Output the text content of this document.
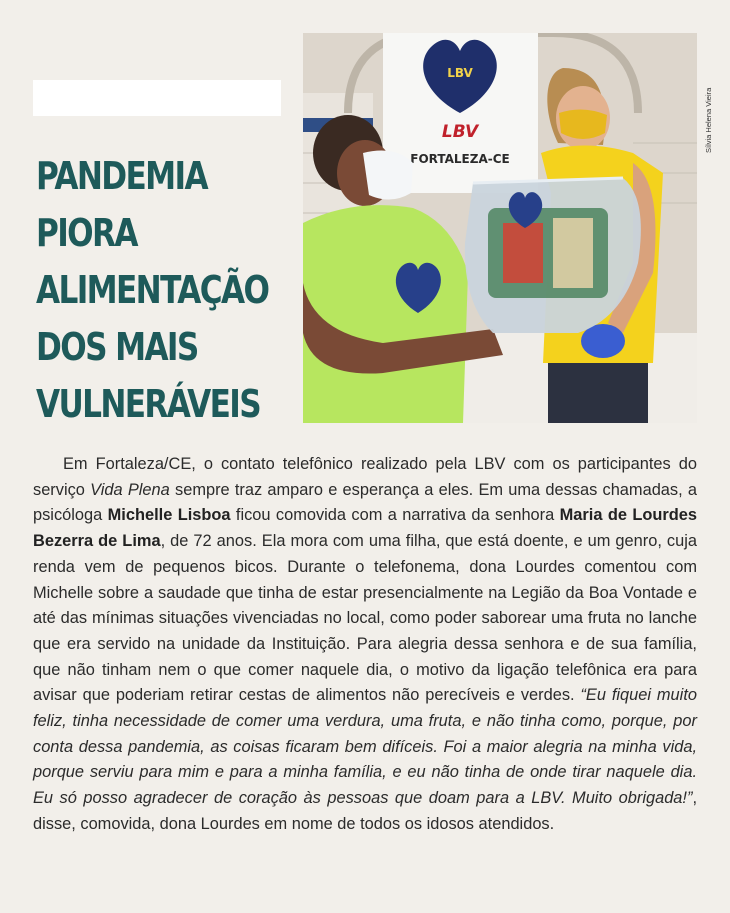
PANDEMIA
PIORA
ALIMENTAÇÃO
DOS MAIS
VULNERÁVEIS
LBV
LBV
FORTALEZA-CE
Sílvia Helena Vieira

Em Fortaleza/CE, o contato telefônico realizado pela LBV com os participantes do serviço Vida Plena sempre traz amparo e esperança a eles. Em uma dessas chamadas, a psicóloga Michelle Lisboa ficou comovida com a narrativa da senhora Maria de Lourdes Bezerra de Lima, de 72 anos. Ela mora com uma filha, que está doente, e um genro, cuja renda vem de pequenos bicos. Durante o telefonema, dona Lourdes comentou com Michelle sobre a saudade que tinha de estar presencialmente na Legião da Boa Vontade e até das mínimas situações vivenciadas no local, como poder saborear uma fruta no lanche que era servido na unidade da Instituição. Para alegria dessa senhora e de sua família, que não tinham nem o que comer naquele dia, o motivo da ligação telefônica era para avisar que poderiam retirar cestas de alimentos não perecíveis e verdes. “Eu fiquei muito feliz, tinha necessidade de comer uma verdura, uma fruta, e não tinha como, porque, por conta dessa pandemia, as coisas ficaram bem difíceis. Foi a maior alegria na minha vida, porque serviu para mim e para a minha família, e eu não tinha de onde tirar naquele dia. Eu só posso agradecer de coração às pessoas que doam para a LBV. Muito obrigada!”, disse, comovida, dona Lourdes em nome de todos os idosos atendidos.
